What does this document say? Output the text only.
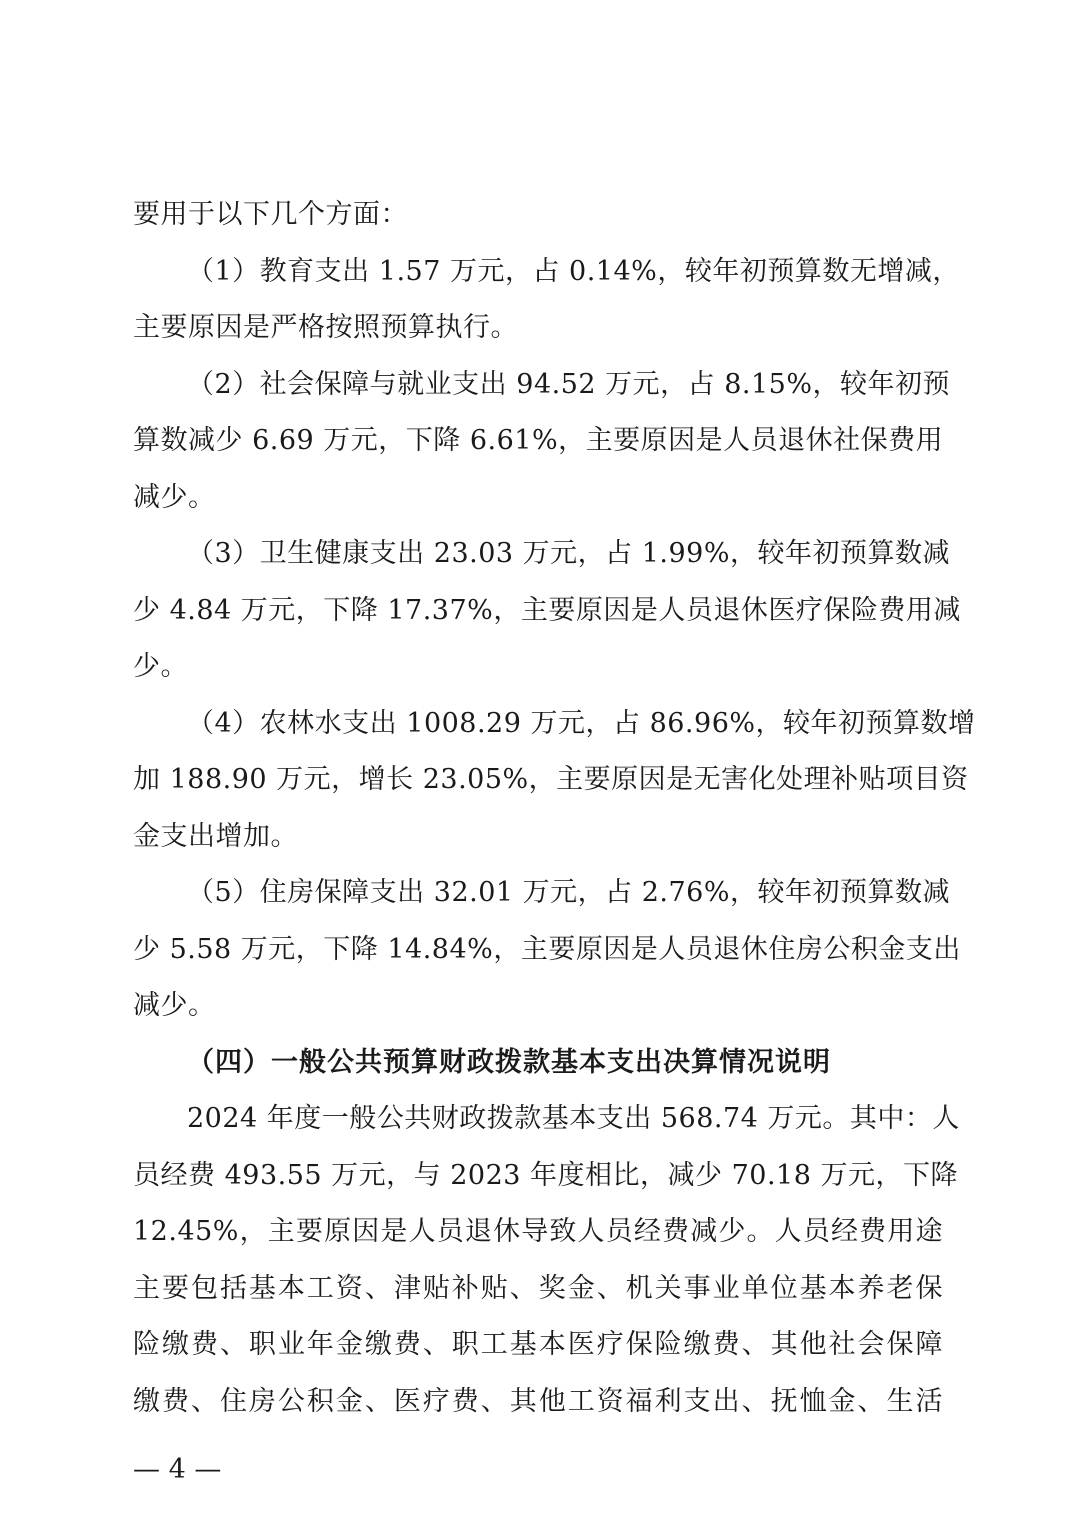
要用于以下几个方面：
（1）教育支出 1.57 万元，占 0.14%，较年初预算数无增减，
主要原因是严格按照预算执行。
（2）社会保障与就业支出 94.52 万元，占 8.15%，较年初预
算数减少 6.69 万元，下降 6.61%，主要原因是人员退休社保费用
减少。
（3）卫生健康支出 23.03 万元，占 1.99%，较年初预算数减
少 4.84 万元，下降 17.37%，主要原因是人员退休医疗保险费用减
少。
（4）农林水支出 1008.29 万元，占 86.96%，较年初预算数增
加 188.90 万元，增长 23.05%，主要原因是无害化处理补贴项目资
金支出增加。
（5）住房保障支出 32.01 万元，占 2.76%，较年初预算数减
少 5.58 万元，下降 14.84%，主要原因是人员退休住房公积金支出
减少。
（四）一般公共预算财政拨款基本支出决算情况说明
2024 年度一般公共财政拨款基本支出 568.74 万元。其中：人
员经费 493.55 万元，与 2023 年度相比，减少 70.18 万元，下降
12.45%，主要原因是人员退休导致人员经费减少。人员经费用途
主要包括基本工资、津贴补贴、奖金、机关事业单位基本养老保
险缴费、职业年金缴费、职工基本医疗保险缴费、其他社会保障
缴费、住房公积金、医疗费、其他工资福利支出、抚恤金、生活
— 4 —
